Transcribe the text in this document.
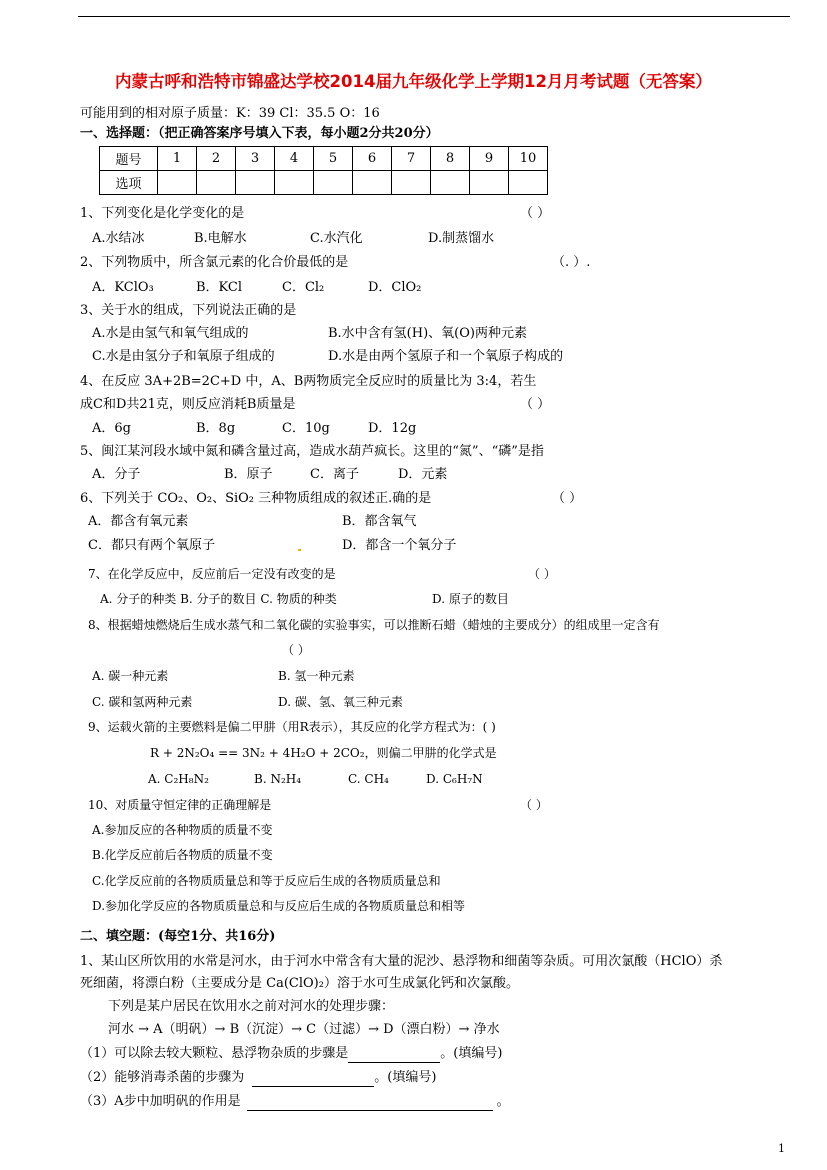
内蒙古呼和浩特市锦盛达学校2014届九年级化学上学期12月月考试题（无答案）
可能用到的相对原子质量：K：39 Cl：35.5 O：16
一、选择题：（把正确答案序号填入下表，每小题2分共20分）
题号	1	2	3	4	5	6	7	8	9	10
选项										
1、下列变化是化学变化的是	（ ）
A.水结冰	B.电解水	C.水汽化	D.制蒸馏水
2、下列物质中，所含氯元素的化合价最低的是	（. ）.
A．KClO₃	B．KCl	C．Cl₂	D．ClO₂
3、关于水的组成，下列说法正确的是
A.水是由氢气和氧气组成的	B.水中含有氢(H)、氧(O)两种元素
C.水是由氢分子和氧原子组成的	D.水是由两个氢原子和一个氧原子构成的
4、在反应 3A+2B=2C+D 中，A、B两物质完全反应时的质量比为 3:4，若生
成C和D共21克，则反应消耗B质量是	（ ）
A．6g	B．8g	C．10g	D．12g
5、闽江某河段水域中氮和磷含量过高，造成水葫芦疯长。这里的“氮”、“磷”是指
A．分子	B．原子	C．离子	D．元素
6、下列关于 CO₂、O₂、SiO₂ 三种物质组成的叙述正.确的是	（ ）
A．都含有氧元素	B．都含氧气
C．都只有两个氧原子	D．都含一个氧分子
7、在化学反应中，反应前后一定没有改变的是	（ ）
A. 分子的种类 B. 分子的数目 C. 物质的种类	D. 原子的数目
8、根据蜡烛燃烧后生成水蒸气和二氧化碳的实验事实，可以推断石蜡（蜡烛的主要成分）的组成里一定含有
（ ）
A. 碳一种元素	B. 氢一种元素
C. 碳和氢两种元素	D. 碳、氢、氧三种元素
9、运载火箭的主要燃料是偏二甲肼（用R表示），其反应的化学方程式为：( )
R + 2N₂O₄ == 3N₂ + 4H₂O + 2CO₂，则偏二甲肼的化学式是
A. C₂H₈N₂	B. N₂H₄	C. CH₄	D. C₆H₇N
10、对质量守恒定律的正确理解是	（ ）
A.参加反应的各种物质的质量不变
B.化学反应前后各物质的质量不变
C.化学反应前的各物质质量总和等于反应后生成的各物质质量总和
D.参加化学反应的各物质质量总和与反应后生成的各物质质量总和相等
二、填空题：(每空1分、共16分)
1、某山区所饮用的水常是河水，由于河水中常含有大量的泥沙、悬浮物和细菌等杂质。可用次氯酸（HClO）杀
死细菌，将漂白粉（主要成分是 Ca(ClO)₂）溶于水可生成氯化钙和次氯酸。
下列是某户居民在饮用水之前对河水的处理步骤：
河水 → A（明矾）→ B（沉淀）→ C（过滤）→ D（漂白粉）→ 净水
（1）可以除去较大颗粒、悬浮物杂质的步骤是	。(填编号)
（2）能够消毒杀菌的步骤为	。(填编号)
（3）A步中加明矾的作用是	。
1
